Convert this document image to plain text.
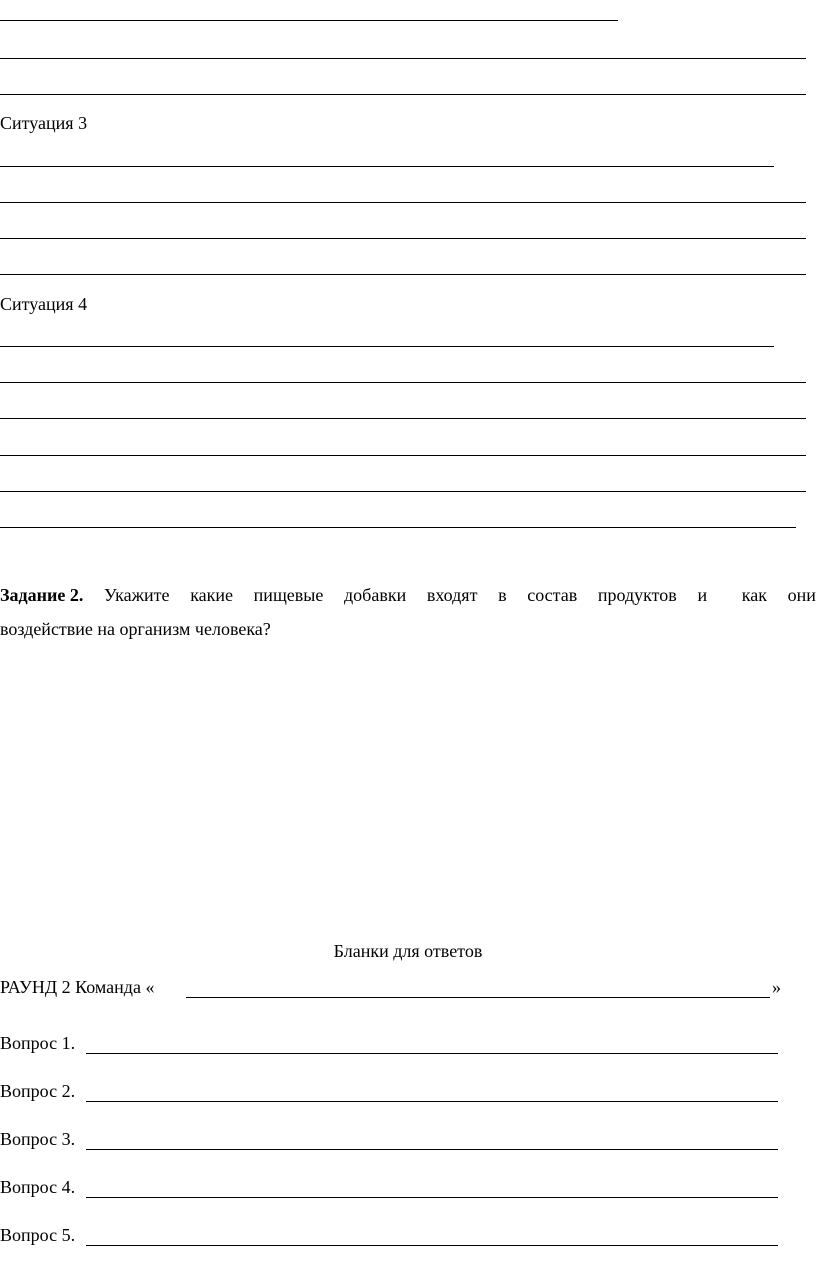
Ситуация 3
Ситуация 4
Задание 2. Укажите какие пищевые добавки входят в состав продуктов и как они
воздействие на организм человека?
Бланки для ответов
РАУНД 2 Команда «	»
Вопрос 1.
Вопрос 2.
Вопрос 3.
Вопрос 4.
Вопрос 5.
